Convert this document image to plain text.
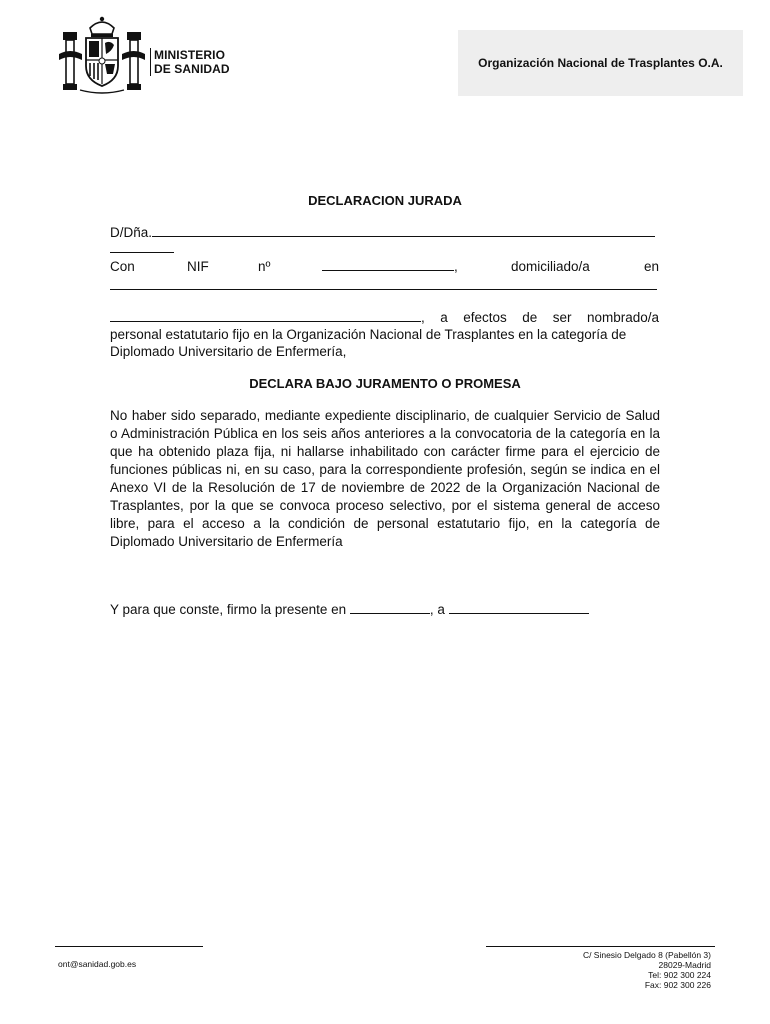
MINISTERIO
DE SANIDAD	Organización Nacional de Trasplantes O.A.
DECLARACION JURADA
D/Dña.
Con	NIF	nº	,	domiciliado/a	en
, a efectos de ser nombrado/a
personal estatutario fijo en la Organización Nacional de Trasplantes en la categoría de
Diplomado Universitario de Enfermería,
DECLARA BAJO JURAMENTO O PROMESA
No haber sido separado, mediante expediente disciplinario, de cualquier Servicio de Salud o Administración Pública en los seis años anteriores a la convocatoria de la categoría en la que ha obtenido plaza fija, ni hallarse inhabilitado con carácter firme para el ejercicio de funciones públicas ni, en su caso, para la correspondiente profesión, según se indica en el Anexo VI de la Resolución de 17 de noviembre de 2022 de la Organización Nacional de Trasplantes, por la que se convoca proceso selectivo, por el sistema general de acceso libre, para el acceso a la condición de personal estatutario fijo, en la categoría de Diplomado Universitario de Enfermería
Y para que conste, firmo la presente en	, a
ont@sanidad.gob.es
C/ Sinesio Delgado 8 (Pabellón 3)
28029-Madrid
Tel: 902 300 224
Fax: 902 300 226
